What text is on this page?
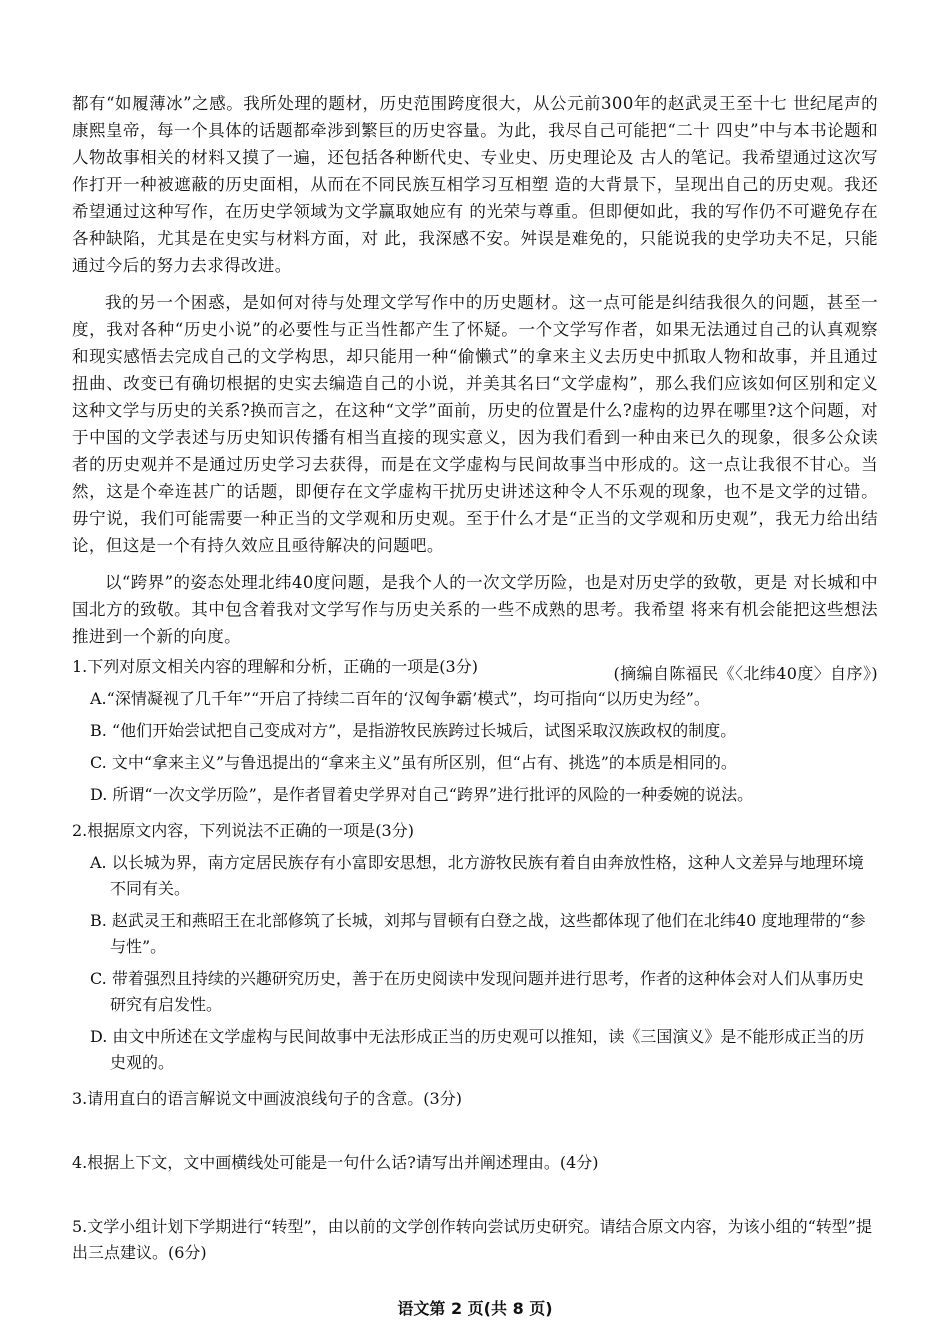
都有“如履薄冰”之感。我所处理的题材，历史范围跨度很大，从公元前300年的赵武灵王至十七 世纪尾声的康熙皇帝，每一个具体的话题都牵涉到繁巨的历史容量。为此，我尽自己可能把“二十 四史”中与本书论题和人物故事相关的材料又摸了一遍，还包括各种断代史、专业史、历史理论及 古人的笔记。我希望通过这次写作打开一种被遮蔽的历史面相，从而在不同民族互相学习互相塑 造的大背景下，呈现出自己的历史观。我还希望通过这种写作，在历史学领域为文学赢取她应有 的光荣与尊重。但即便如此，我的写作仍不可避免存在各种缺陷，尤其是在史实与材料方面，对 此，我深感不安。舛误是难免的，只能说我的史学功夫不足，只能通过今后的努力去求得改进。

我的另一个困惑，是如何对待与处理文学写作中的历史题材。这一点可能是纠结我很久的问题，甚至一度，我对各种“历史小说”的必要性与正当性都产生了怀疑。一个文学写作者，如果无法通过自己的认真观察和现实感悟去完成自己的文学构思，却只能用一种“偷懒式”的拿来主义去历史中抓取人物和故事，并且通过扭曲、改变已有确切根据的史实去编造自己的小说，并美其名曰“文学虚构”，那么我们应该如何区别和定义这种文学与历史的关系?换而言之，在这种“文学”面前，历史的位置是什么?虚构的边界在哪里?这个问题，对于中国的文学表述与历史知识传播有相当直接的现实意义，因为我们看到一种由来已久的现象，很多公众读者的历史观并不是通过历史学习去获得，而是在文学虚构与民间故事当中形成的。这一点让我很不甘心。当然，这是个牵连甚广的话题，即便存在文学虚构干扰历史讲述这种令人不乐观的现象，也不是文学的过错。毋宁说，我们可能需要一种正当的文学观和历史观。至于什么才是“正当的文学观和历史观”，我无力给出结论，但这是一个有持久效应且亟待解决的问题吧。

以“跨界”的姿态处理北纬40度问题，是我个人的一次文学历险，也是对历史学的致敬，更是 对长城和中国北方的致敬。其中包含着我对文学写作与历史关系的一些不成熟的思考。我希望 将来有机会能把这些想法推进到一个新的向度。

(摘编自陈福民《〈北纬40度〉自序》)

1.下列对原文相关内容的理解和分析，正确的一项是(3分)

A.“深情凝视了几千年”“开启了持续二百年的‘汉匈争霸’模式”，均可指向“以历史为经”。

B. “他们开始尝试把自己变成对方”，是指游牧民族跨过长城后，试图采取汉族政权的制度。

C. 文中“拿来主义”与鲁迅提出的“拿来主义”虽有所区别，但“占有、挑选”的本质是相同的。

D. 所谓“一次文学历险”，是作者冒着史学界对自己“跨界”进行批评的风险的一种委婉的说法。

2.根据原文内容，下列说法不正确的一项是(3分)

A. 以长城为界，南方定居民族存有小富即安思想，北方游牧民族有着自由奔放性格，这种人文差异与地理环境不同有关。

B. 赵武灵王和燕昭王在北部修筑了长城，刘邦与冒顿有白登之战，这些都体现了他们在北纬40 度地理带的“参与性”。

C. 带着强烈且持续的兴趣研究历史，善于在历史阅读中发现问题并进行思考，作者的这种体会对人们从事历史研究有启发性。

D. 由文中所述在文学虚构与民间故事中无法形成正当的历史观可以推知，读《三国演义》是不能形成正当的历史观的。

3.请用直白的语言解说文中画波浪线句子的含意。(3分)

4.根据上下文，文中画横线处可能是一句什么话?请写出并阐述理由。(4分)

5.文学小组计划下学期进行“转型”，由以前的文学创作转向尝试历史研究。请结合原文内容，为该小组的“转型”提出三点建议。(6分)

语文第 2 页(共 8 页)
